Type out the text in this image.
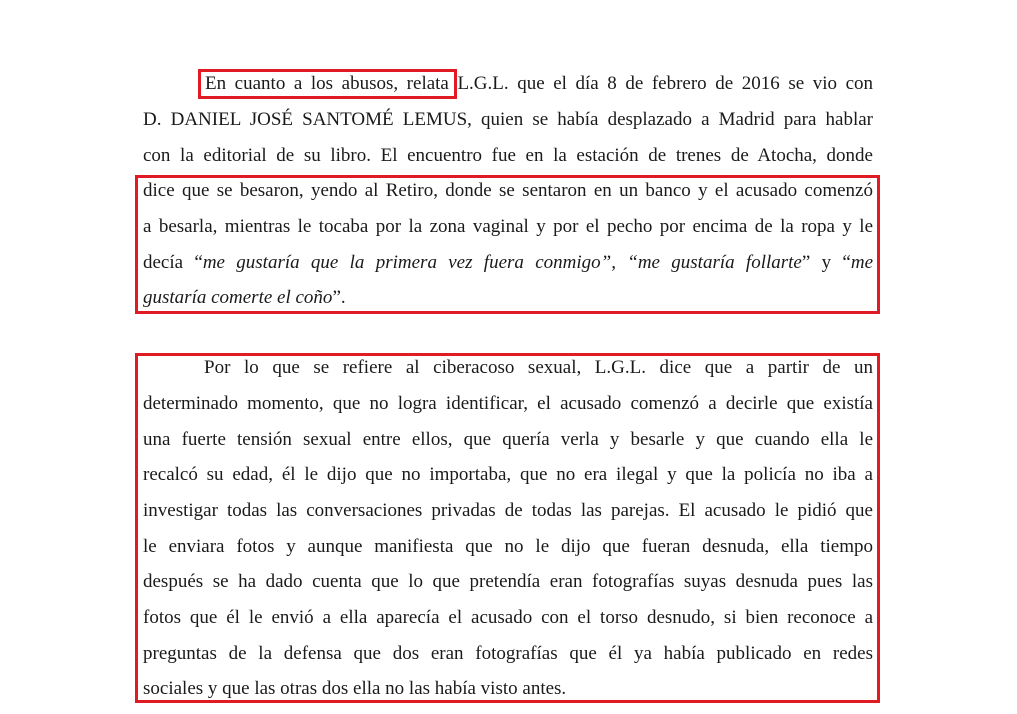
En cuanto a los abusos, relata L.G.L. que el día 8 de febrero de 2016 se vio con
D. DANIEL JOSÉ SANTOMÉ LEMUS, quien se había desplazado a Madrid para hablar
con la editorial de su libro. El encuentro fue en la estación de trenes de Atocha, donde
dice que se besaron, yendo al Retiro, donde se sentaron en un banco y el acusado comenzó
a besarla, mientras le tocaba por la zona vaginal y por el pecho por encima de la ropa y le
decía “me gustaría que la primera vez fuera conmigo”, “me gustaría follarte” y “me
gustaría comerte el coño”.
Por lo que se refiere al ciberacoso sexual, L.G.L. dice que a partir de un
determinado momento, que no logra identificar, el acusado comenzó a decirle que existía
una fuerte tensión sexual entre ellos, que quería verla y besarle y que cuando ella le
recalcó su edad, él le dijo que no importaba, que no era ilegal y que la policía no iba a
investigar todas las conversaciones privadas de todas las parejas. El acusado le pidió que
le enviara fotos y aunque manifiesta que no le dijo que fueran desnuda, ella tiempo
después se ha dado cuenta que lo que pretendía eran fotografías suyas desnuda pues las
fotos que él le envió a ella aparecía el acusado con el torso desnudo, si bien reconoce a
preguntas de la defensa que dos eran fotografías que él ya había publicado en redes
sociales y que las otras dos ella no las había visto antes.
